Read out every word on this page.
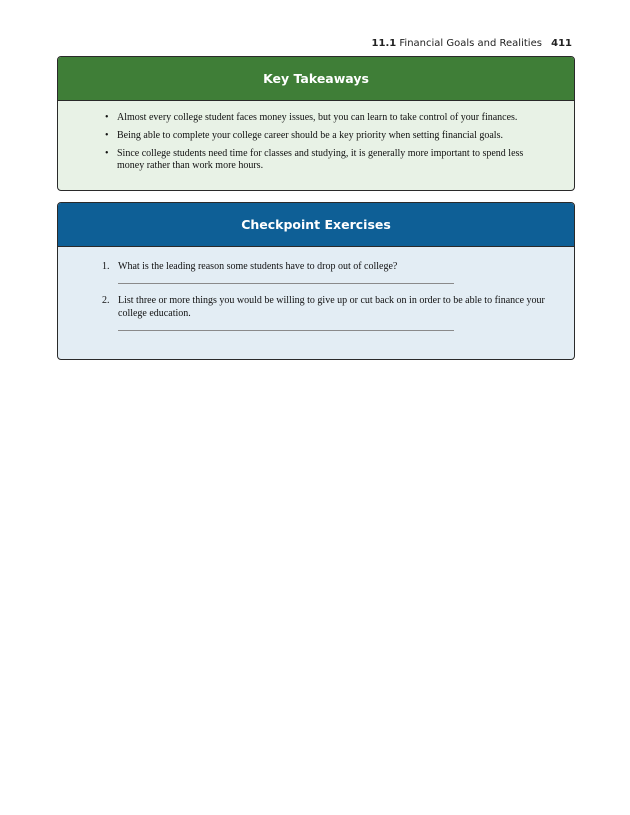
11.1 Financial Goals and Realities 411
Key Takeaways
• Almost every college student faces money issues, but you can learn to take control of your finances.
• Being able to complete your college career should be a key priority when setting financial goals.
• Since college students need time for classes and studying, it is generally more important to spend less money rather than work more hours.
Checkpoint Exercises
1. What is the leading reason some students have to drop out of college?
2. List three or more things you would be willing to give up or cut back on in order to be able to finance your college education.
